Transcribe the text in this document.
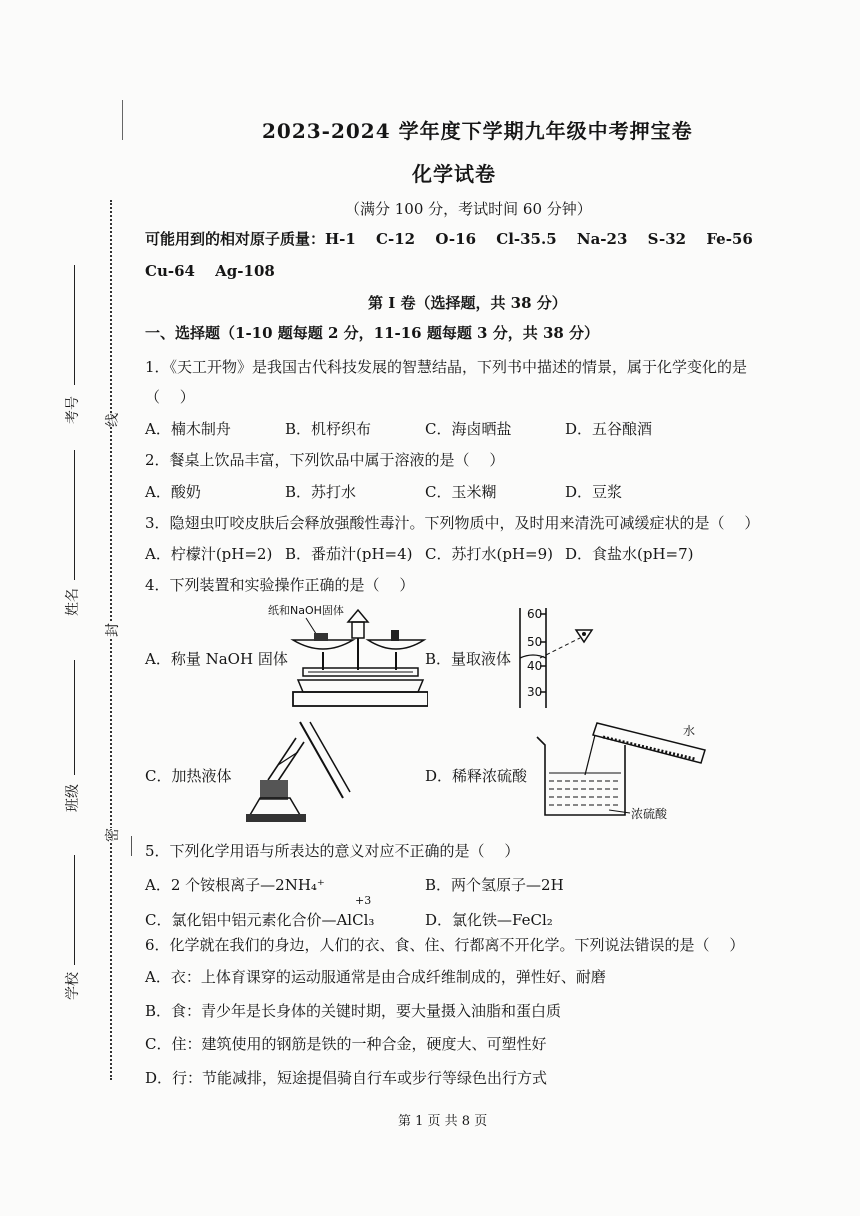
考号
姓名
班级
学校
线
封
密
2023-2024 学年度下学期九年级中考押宝卷
化学试卷
（满分 100 分，考试时间 60 分钟）
可能用到的相对原子质量：H-1　 C-12　 O-16　 Cl-35.5　 Na-23　 S-32　 Fe-56
Cu-64　 Ag-108
第 I 卷（选择题，共 38 分）
一、选择题（1-10 题每题 2 分，11-16 题每题 3 分，共 38 分）
1．《天工开物》是我国古代科技发展的智慧结晶，下列书中描述的情景，属于化学变化的是
（　 ）
A．楠木制舟	B．机杼织布	C．海卤晒盐	D．五谷酿酒
2．餐桌上饮品丰富，下列饮品中属于溶液的是（　 ）
A．酸奶	B．苏打水	C．玉米糊	D．豆浆
3．隐翅虫叮咬皮肤后会释放强酸性毒汁。下列物质中，及时用来清洗可减缓症状的是（　 ）
A．柠檬汁(pH=2) B．番茄汁(pH=4) C．苏打水(pH=9) D．食盐水(pH=7)
4．下列装置和实验操作正确的是（　 ）
A．称量 NaOH 固体	B．量取液体
C．加热液体	D．稀释浓硫酸
纸和NaOH固体	60
50
40
30
水
浓硫酸
5．下列化学用语与所表达的意义对应不正确的是（　 ）
A．2 个铵根离子—2NH₄⁺	B．两个氢原子—2H
+3
C．氯化铝中铝元素化合价—AlCl₃	D．氯化铁—FeCl₂
6．化学就在我们的身边，人们的衣、食、住、行都离不开化学。下列说法错误的是（　 ）
A．衣：上体育课穿的运动服通常是由合成纤维制成的，弹性好、耐磨
B．食：青少年是长身体的关键时期，要大量摄入油脂和蛋白质
C．住：建筑使用的钢筋是铁的一种合金，硬度大、可塑性好
D．行：节能减排，短途提倡骑自行车或步行等绿色出行方式
第 1 页 共 8 页
